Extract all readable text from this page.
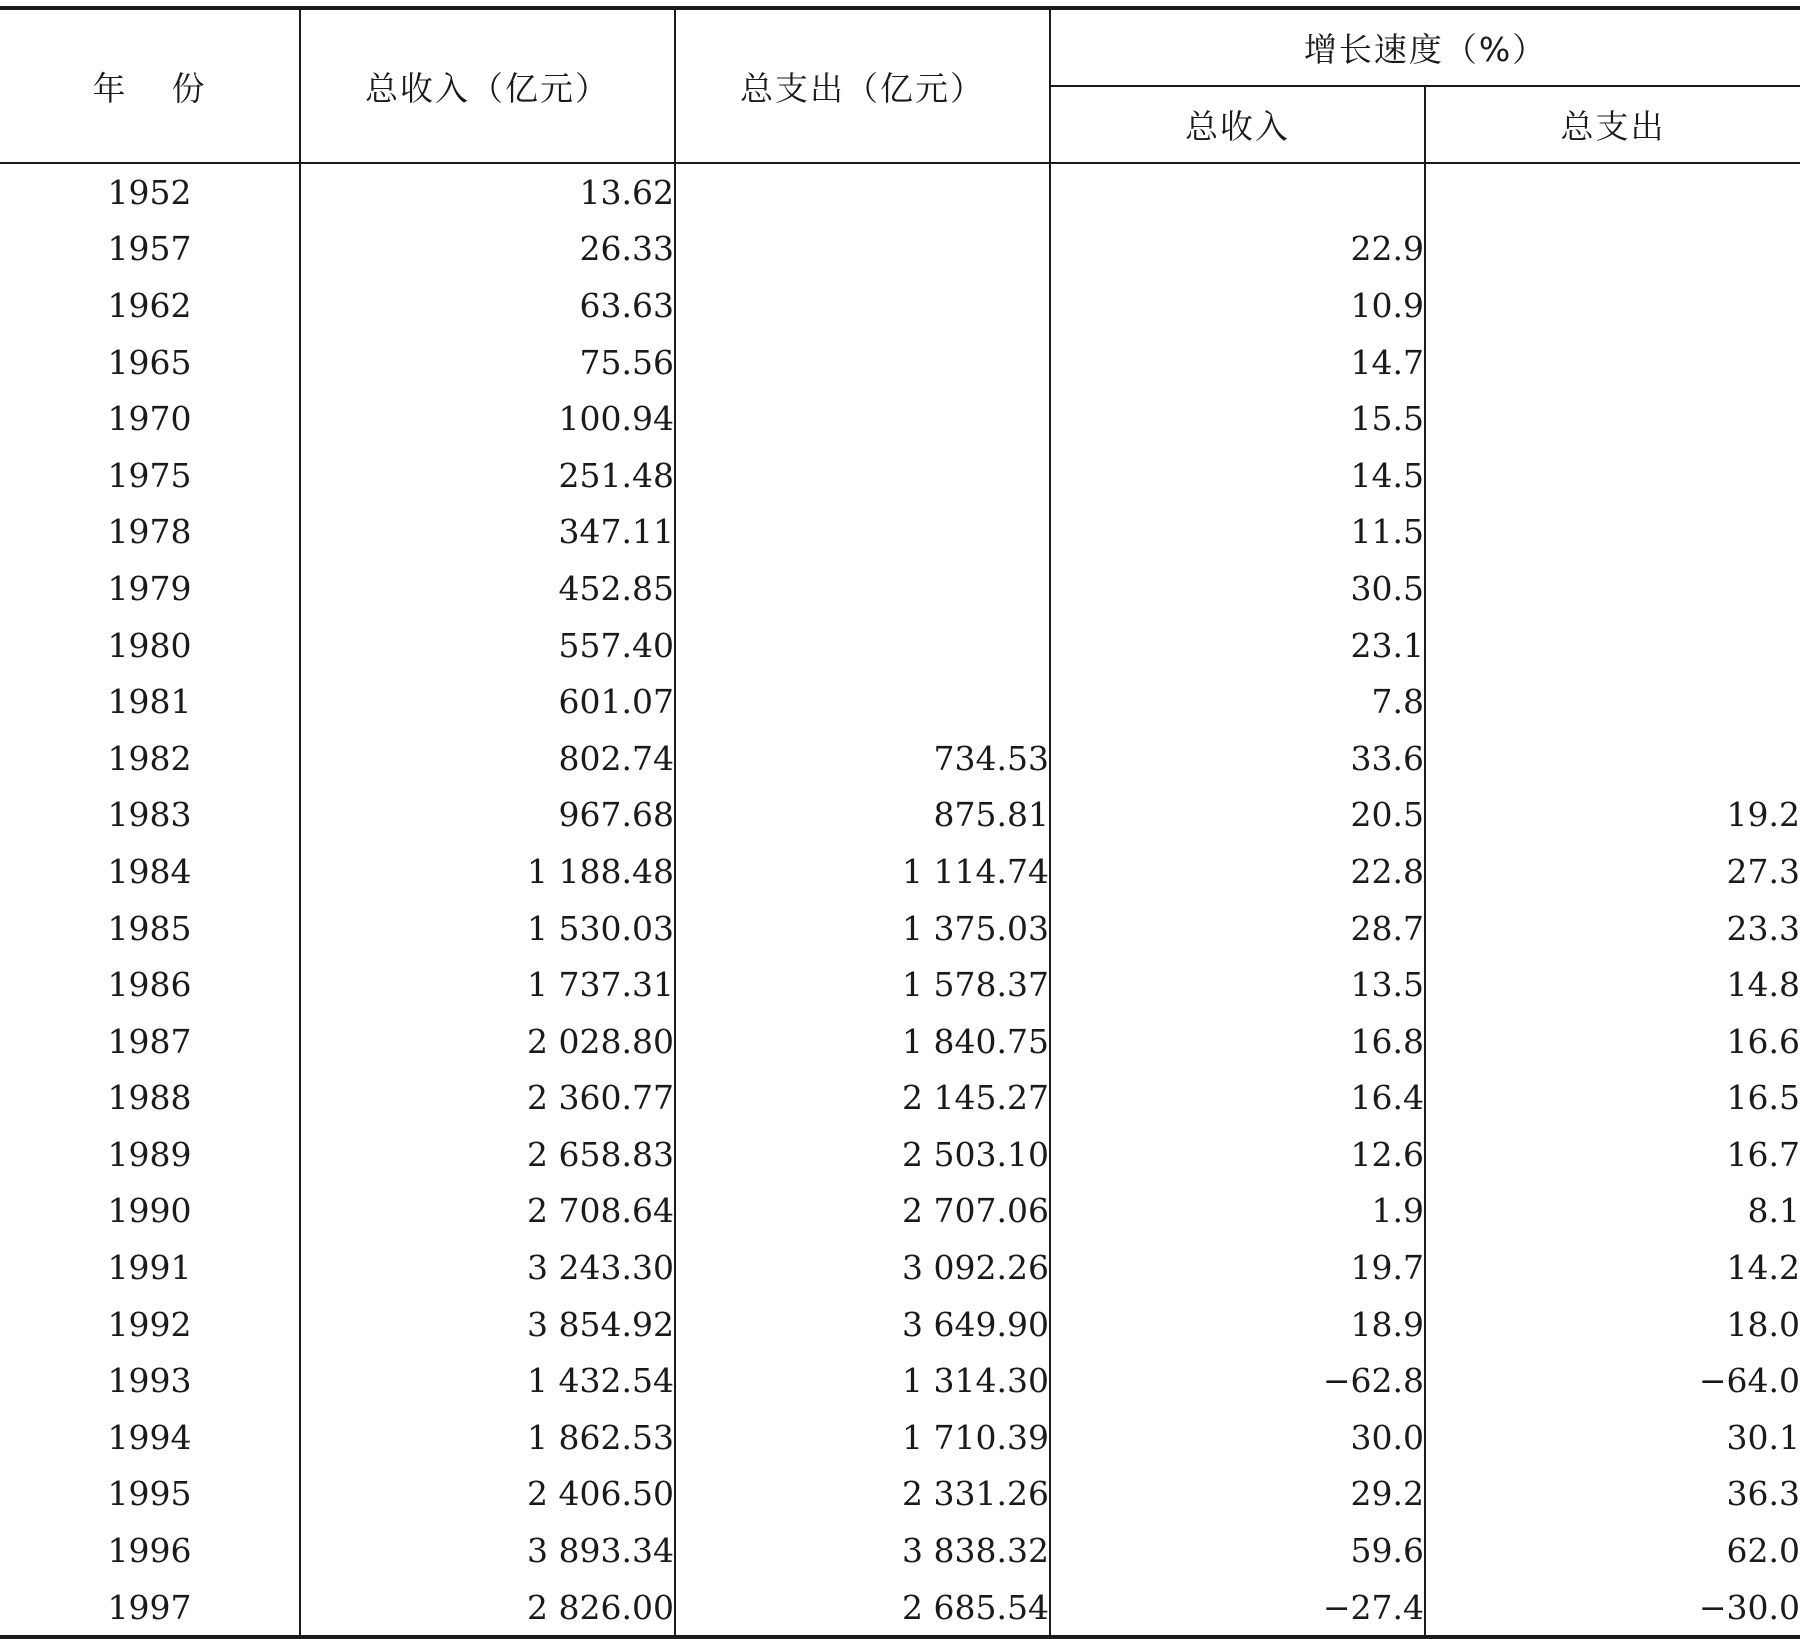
年 份	总收入（亿元）	总支出（亿元）	增长速度（%）	
			总收入	总支出
1952	13.62			
1957	26.33		22.9	
1962	63.63		10.9	
1965	75.56		14.7	
1970	100.94		15.5	
1975	251.48		14.5	
1978	347.11		11.5	
1979	452.85		30.5	
1980	557.40		23.1	
1981	601.07		7.8	
1982	802.74	734.53	33.6	
1983	967.68	875.81	20.5	19.2
1984	1 188.48	1 114.74	22.8	27.3
1985	1 530.03	1 375.03	28.7	23.3
1986	1 737.31	1 578.37	13.5	14.8
1987	2 028.80	1 840.75	16.8	16.6
1988	2 360.77	2 145.27	16.4	16.5
1989	2 658.83	2 503.10	12.6	16.7
1990	2 708.64	2 707.06	1.9	8.1
1991	3 243.30	3 092.26	19.7	14.2
1992	3 854.92	3 649.90	18.9	18.0
1993	1 432.54	1 314.30	−62.8	−64.0
1994	1 862.53	1 710.39	30.0	30.1
1995	2 406.50	2 331.26	29.2	36.3
1996	3 893.34	3 838.32	59.6	62.0
1997	2 826.00	2 685.54	−27.4	−30.0
